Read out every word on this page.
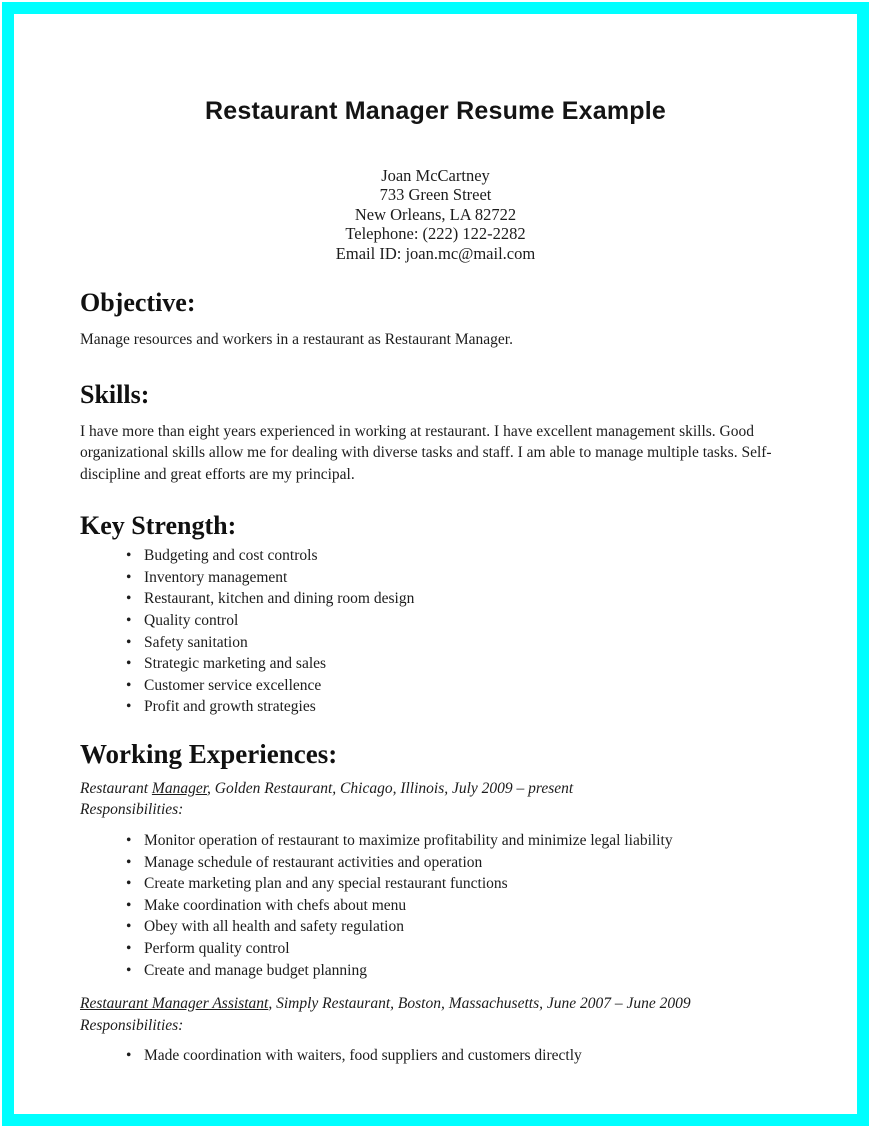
Restaurant Manager Resume Example
Joan McCartney
733 Green Street
New Orleans, LA 82722
Telephone: (222) 122-2282
Email ID: joan.mc@mail.com
Objective:

Manage resources and workers in a restaurant as Restaurant Manager.

Skills:

I have more than eight years experienced in working at restaurant. I have excellent management skills. Good organizational skills allow me for dealing with diverse tasks and staff. I am able to manage multiple tasks. Self-discipline and great efforts are my principal.

Key Strength:
• Budgeting and cost controls
• Inventory management
• Restaurant, kitchen and dining room design
• Quality control
• Safety sanitation
• Strategic marketing and sales
• Customer service excellence
• Profit and growth strategies
Working Experiences:

Restaurant Manager, Golden Restaurant, Chicago, Illinois, July 2009 – present

Responsibilities:

• Monitor operation of restaurant to maximize profitability and minimize legal liability
• Manage schedule of restaurant activities and operation
• Create marketing plan and any special restaurant functions
• Make coordination with chefs about menu
• Obey with all health and safety regulation
• Perform quality control
• Create and manage budget planning

Restaurant Manager Assistant, Simply Restaurant, Boston, Massachusetts, June 2007 – June 2009

Responsibilities:

• Made coordination with waiters, food suppliers and customers directly
